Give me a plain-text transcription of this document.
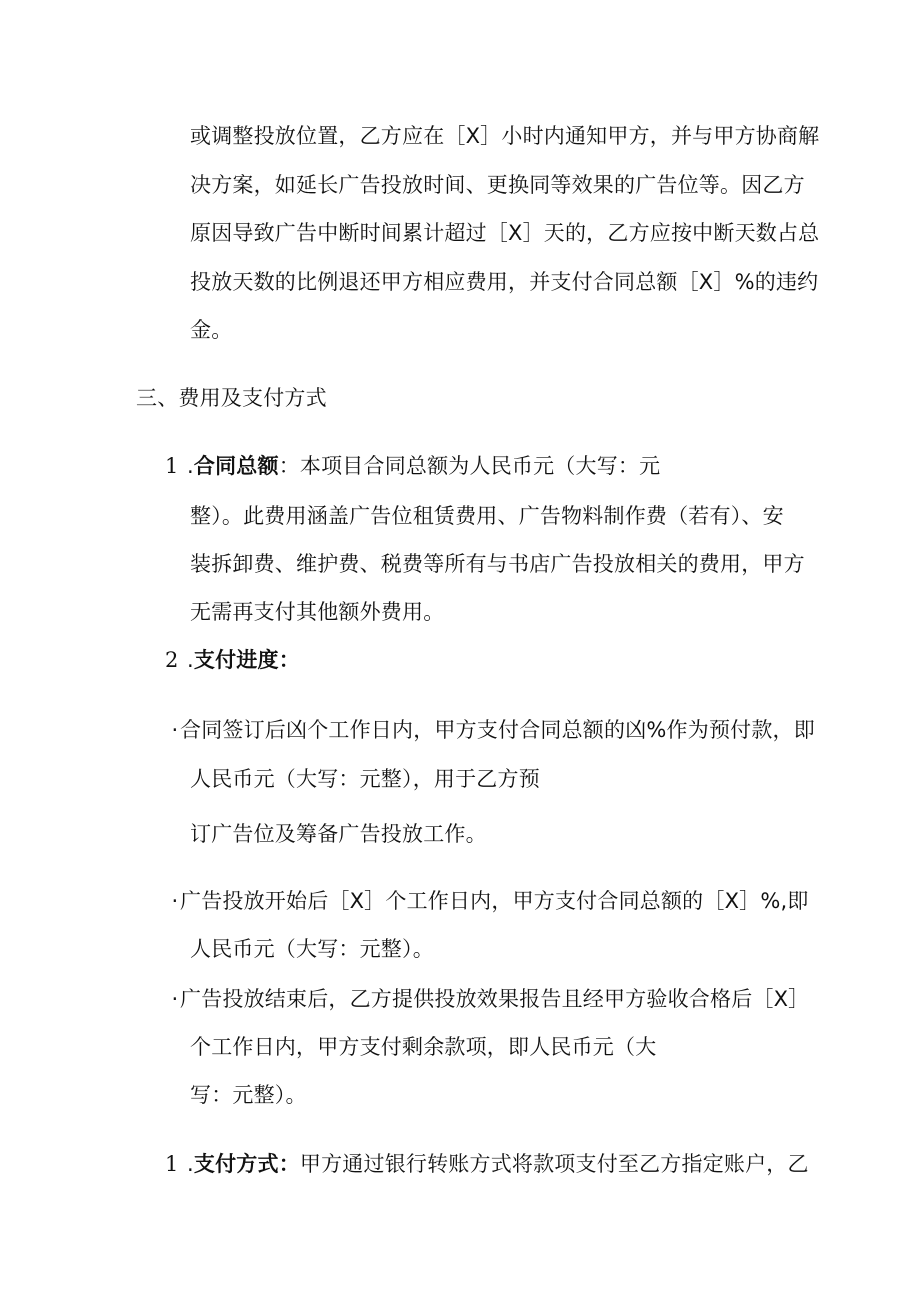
或调整投放位置，乙方应在［X］小时内通知甲方，并与甲方协商解
决方案，如延长广告投放时间、更换同等效果的广告位等。因乙方
原因导致广告中断时间累计超过［X］天的，乙方应按中断天数占总
投放天数的比例退还甲方相应费用，并支付合同总额［X］%的违约
金。
三、费用及支付方式
1 .合同总额：本项目合同总额为人民币元（大写：元
整）。此费用涵盖广告位租赁费用、广告物料制作费（若有）、安
装拆卸费、维护费、税费等所有与书店广告投放相关的费用，甲方
无需再支付其他额外费用。
2 .支付进度：
·合同签订后凶个工作日内，甲方支付合同总额的凶%作为预付款，即
人民币元（大写：元整），用于乙方预
订广告位及筹备广告投放工作。
·广告投放开始后［X］个工作日内，甲方支付合同总额的［X］%,即
人民币元（大写：元整）。
·广告投放结束后，乙方提供投放效果报告且经甲方验收合格后［X］
个工作日内，甲方支付剩余款项，即人民币元（大
写：元整）。
1 .支付方式：甲方通过银行转账方式将款项支付至乙方指定账户，乙
